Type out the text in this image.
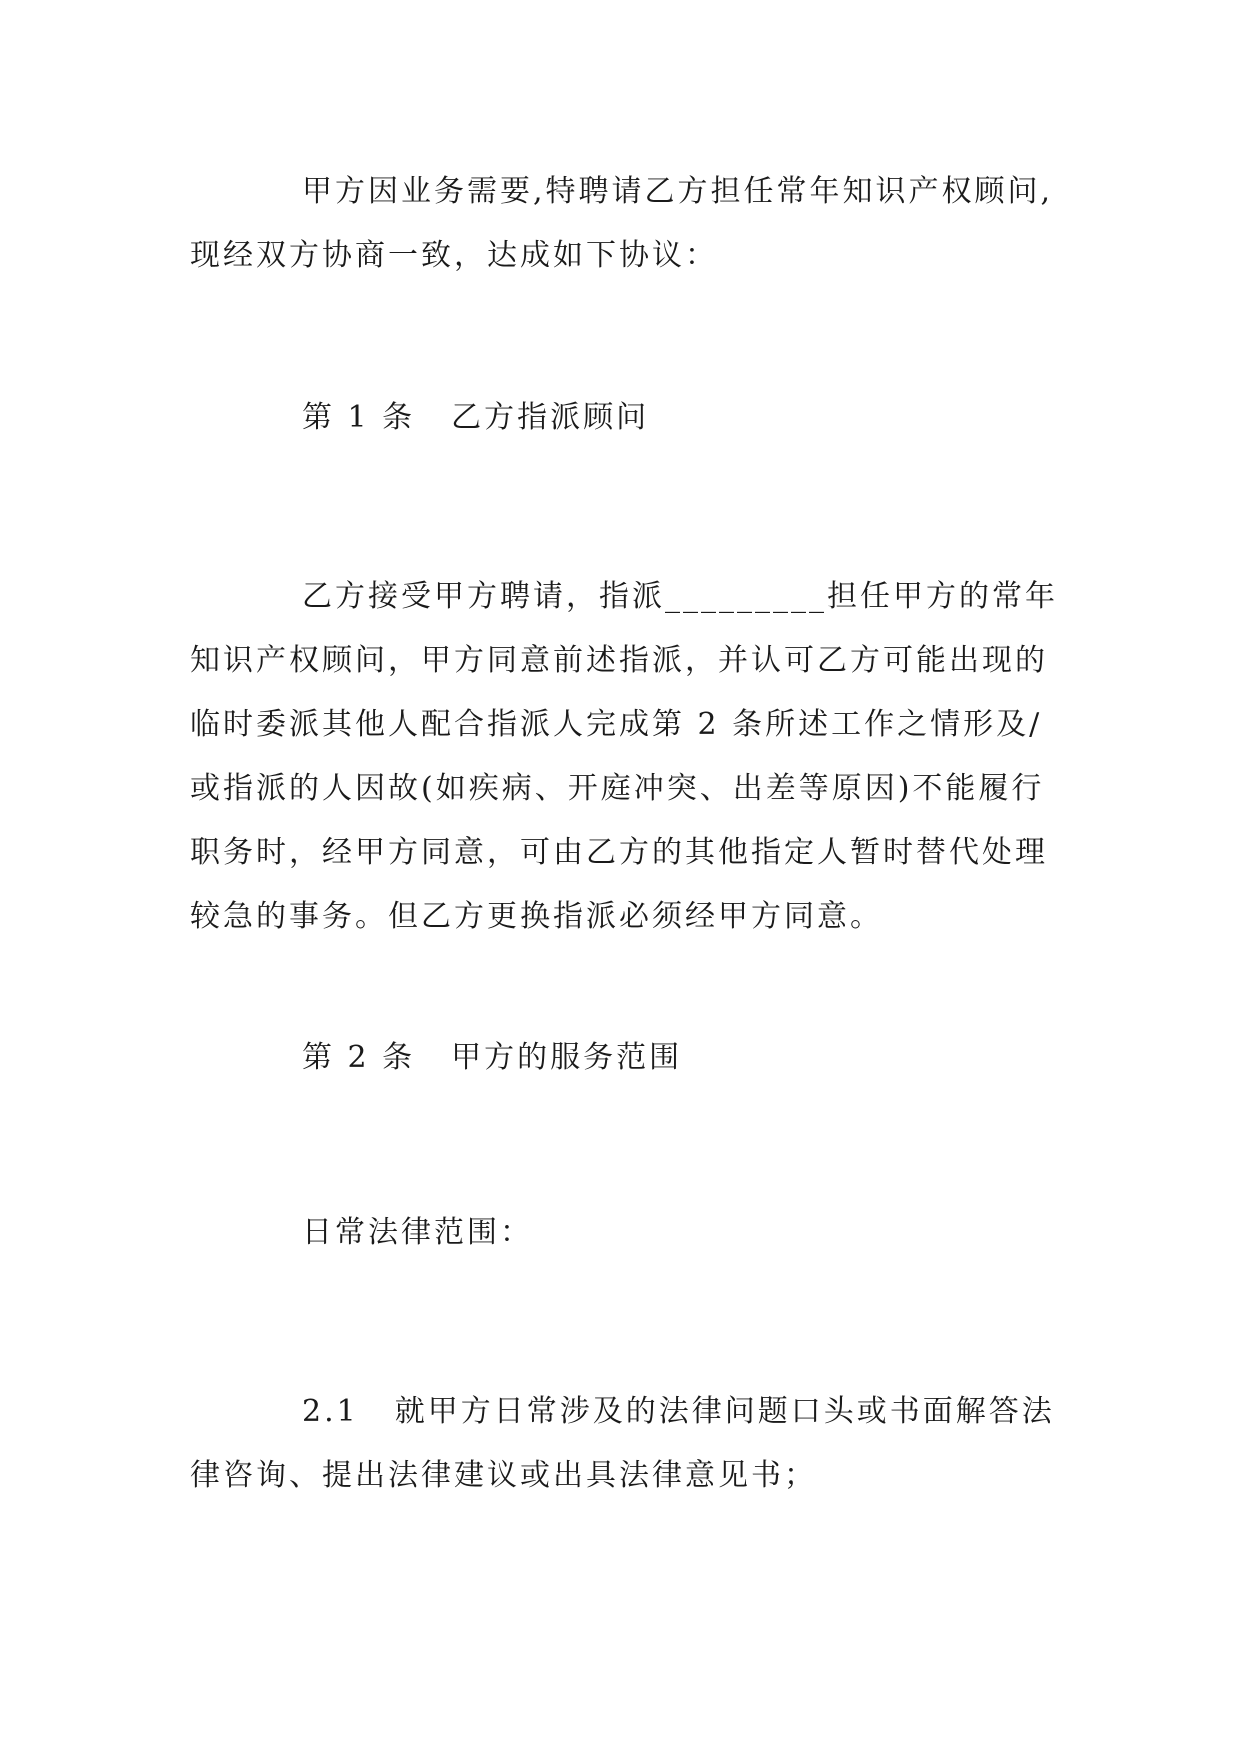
甲方因业务需要,特聘请乙方担任常年知识产权顾问,
现经双方协商一致，达成如下协议：

第 1 条 乙方指派顾问

乙方接受甲方聘请，指派_________担任甲方的常年
知识产权顾问，甲方同意前述指派，并认可乙方可能出现的
临时委派其他人配合指派人完成第 2 条所述工作之情形及/
或指派的人因故(如疾病、开庭冲突、出差等原因)不能履行
职务时，经甲方同意，可由乙方的其他指定人暂时替代处理
较急的事务。但乙方更换指派必须经甲方同意。

第 2 条 甲方的服务范围

日常法律范围：

2.1 就甲方日常涉及的法律问题口头或书面解答法
律咨询、提出法律建议或出具法律意见书；
